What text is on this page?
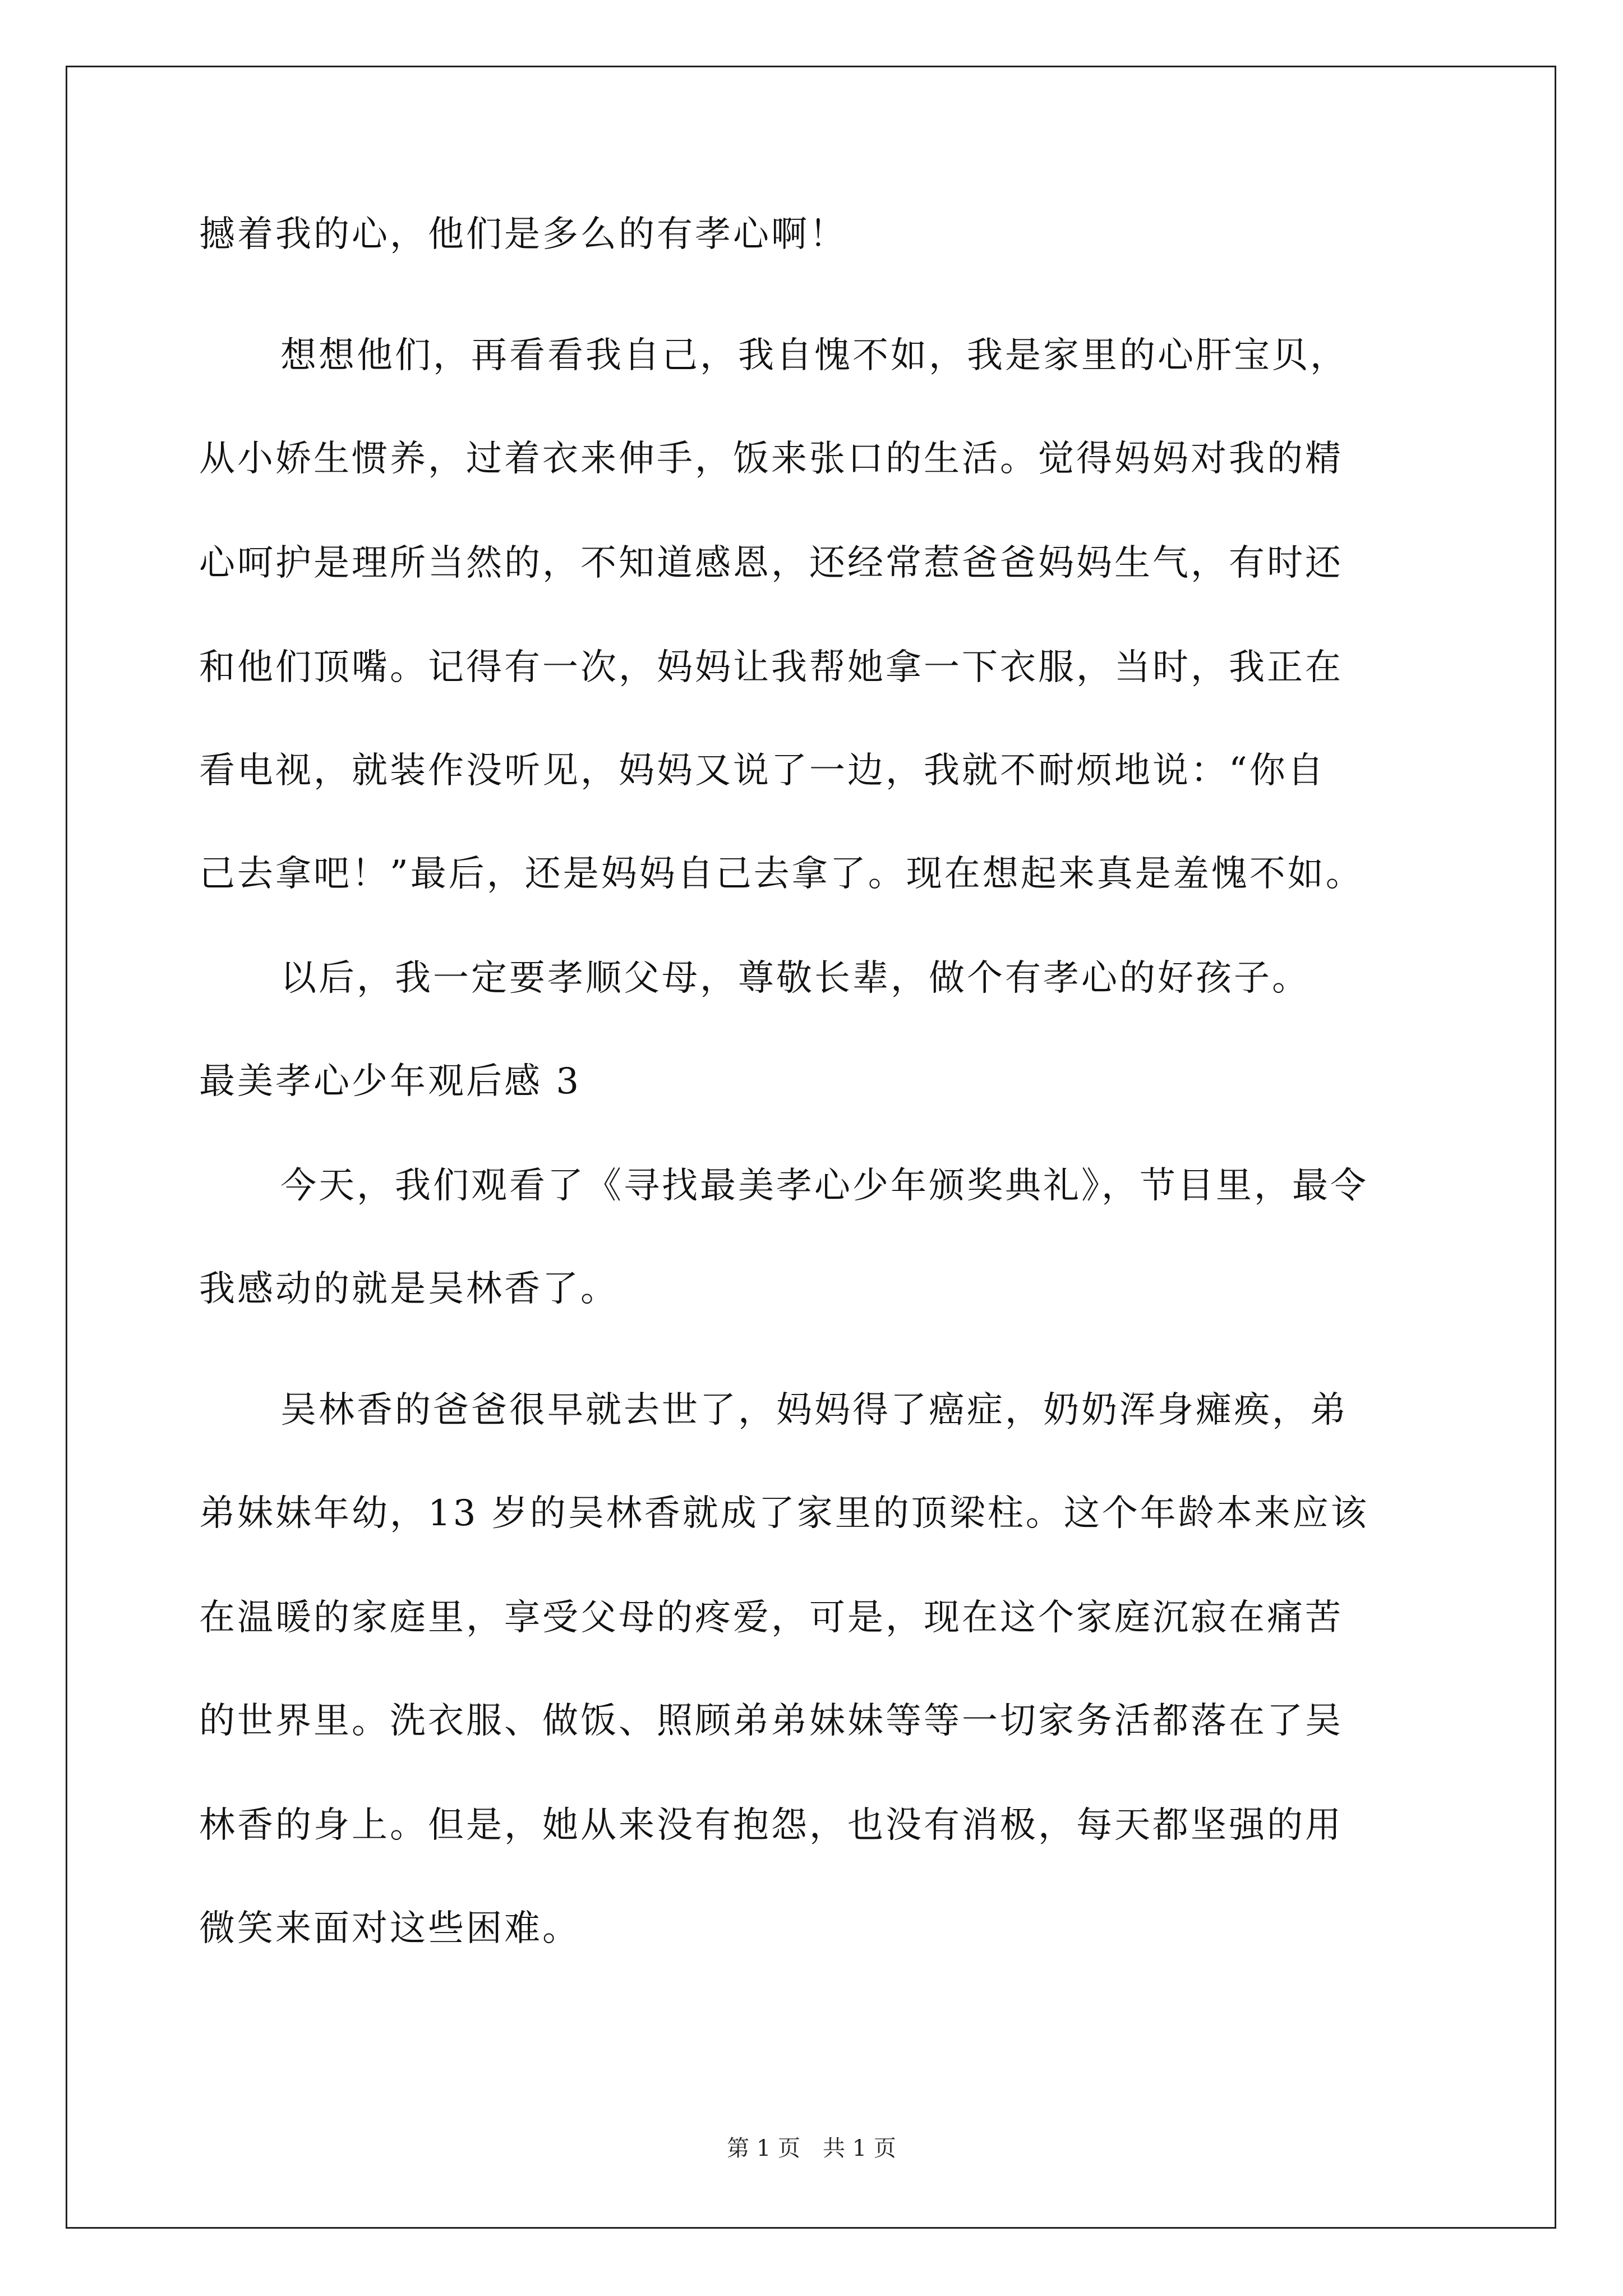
撼着我的心，他们是多么的有孝心啊！
想想他们，再看看我自己，我自愧不如，我是家里的心肝宝贝，
从小娇生惯养，过着衣来伸手，饭来张口的生活。觉得妈妈对我的精
心呵护是理所当然的，不知道感恩，还经常惹爸爸妈妈生气，有时还
和他们顶嘴。记得有一次，妈妈让我帮她拿一下衣服，当时，我正在
看电视，就装作没听见，妈妈又说了一边，我就不耐烦地说：“你自
己去拿吧！”最后，还是妈妈自己去拿了。现在想起来真是羞愧不如。
以后，我一定要孝顺父母，尊敬长辈，做个有孝心的好孩子。
最美孝心少年观后感 3
今天，我们观看了《寻找最美孝心少年颁奖典礼》，节目里，最令
我感动的就是吴林香了。
吴林香的爸爸很早就去世了，妈妈得了癌症，奶奶浑身瘫痪，弟
弟妹妹年幼，13 岁的吴林香就成了家里的顶梁柱。这个年龄本来应该
在温暖的家庭里，享受父母的疼爱，可是，现在这个家庭沉寂在痛苦
的世界里。洗衣服、做饭、照顾弟弟妹妹等等一切家务活都落在了吴
林香的身上。但是，她从来没有抱怨，也没有消极，每天都坚强的用
微笑来面对这些困难。
第 1 页　共 1 页
